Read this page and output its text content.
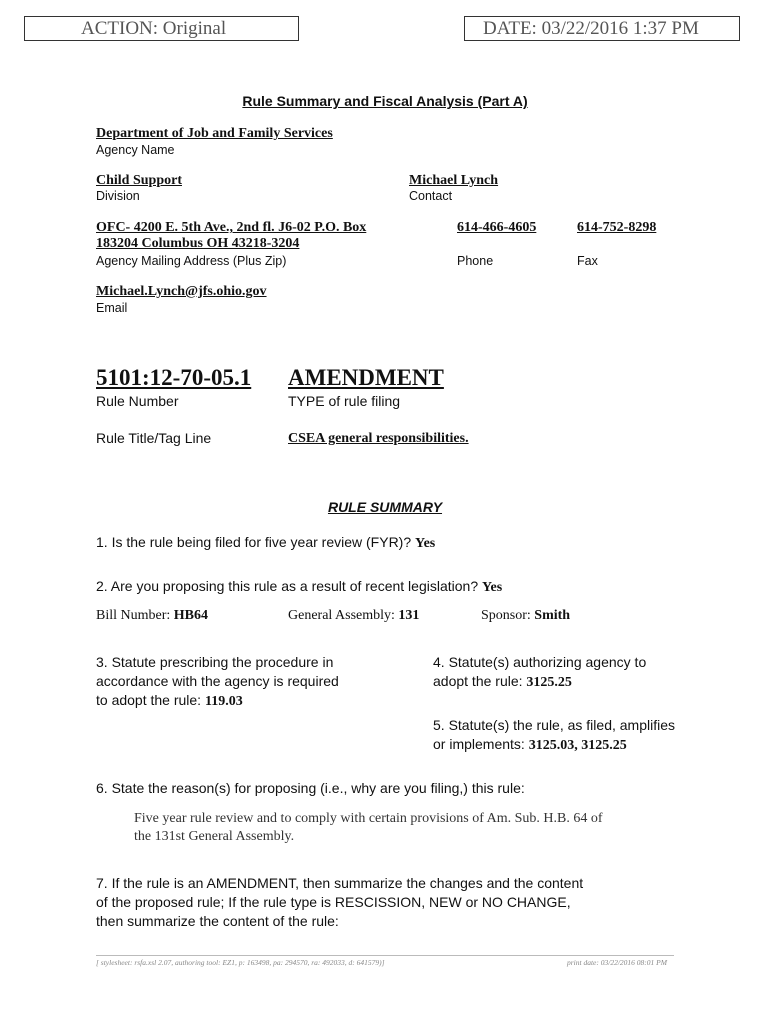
ACTION: Original	DATE: 03/22/2016 1:37 PM
Rule Summary and Fiscal Analysis (Part A)
Department of Job and Family Services
Agency Name
Child Support
Division
Michael Lynch
Contact
OFC- 4200 E. 5th Ave., 2nd fl. J6-02 P.O. Box
183204 Columbus OH 43218-3204
Agency Mailing Address (Plus Zip)
614-466-4605
Phone
614-752-8298
Fax
Michael.Lynch@jfs.ohio.gov
Email
5101:12-70-05.1
Rule Number
AMENDMENT
TYPE of rule filing
Rule Title/Tag Line	CSEA general responsibilities.
RULE SUMMARY
1. Is the rule being filed for five year review (FYR)? Yes
2. Are you proposing this rule as a result of recent legislation? Yes
Bill Number: HB64	General Assembly: 131	Sponsor: Smith
3. Statute prescribing the procedure in
accordance with the agency is required
to adopt the rule: 119.03
4. Statute(s) authorizing agency to
adopt the rule: 3125.25
5. Statute(s) the rule, as filed, amplifies
or implements: 3125.03, 3125.25
6. State the reason(s) for proposing (i.e., why are you filing,) this rule:
Five year rule review and to comply with certain provisions of Am. Sub. H.B. 64 of
the 131st General Assembly.
7. If the rule is an AMENDMENT, then summarize the changes and the content
of the proposed rule; If the rule type is RESCISSION, NEW or NO CHANGE,
then summarize the content of the rule:
[ stylesheet: rsfa.xsl 2.07, authoring tool: EZ1, p: 163498, pa: 294570, ra: 492033, d: 641579)]	print date: 03/22/2016 08:01 PM
